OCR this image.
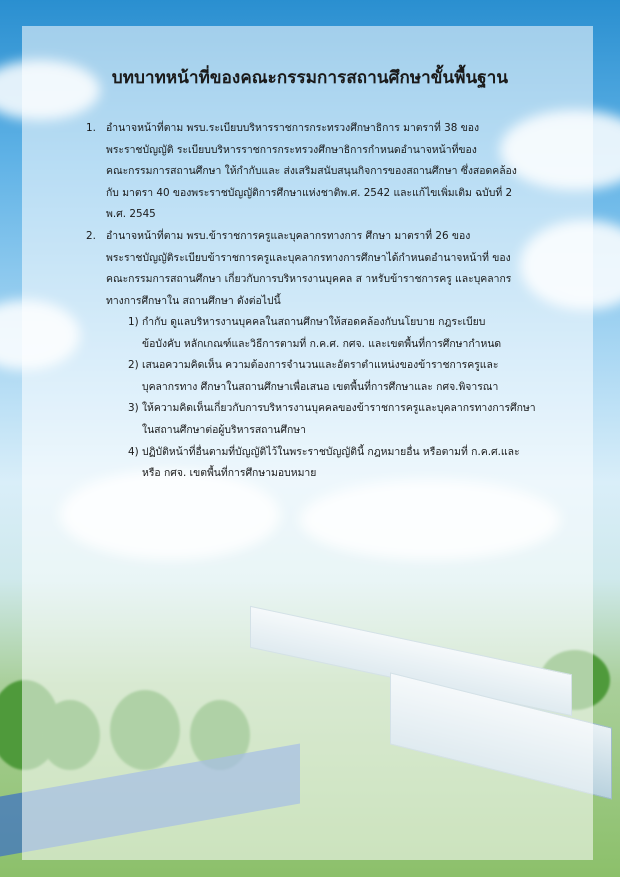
บทบาทหน้าที่ของคณะกรรมการสถานศึกษาขั้นพื้นฐาน
1. อำนาจหน้าที่ตาม พรบ.ระเบียบบริหารราชการกระทรวงศึกษาธิการ มาตราที่ 38 ของ
พระราชบัญญัติ ระเบียบบริหารราชการกระทรวงศึกษาธิการกำหนดอำนาจหน้าที่ของ
คณะกรรมการสถานศึกษา ให้กำกับและ ส่งเสริมสนับสนุนกิจการของสถานศึกษา ซึ่งสอดคล้อง
กับ มาตรา 40 ของพระราชบัญญัติการศึกษาแห่งชาติพ.ศ. 2542 และแก้ไขเพิ่มเติม ฉบับที่ 2
พ.ศ. 2545
2. อำนาจหน้าที่ตาม พรบ.ข้าราชการครูและบุคลากรทางการ ศึกษา มาตราที่ 26 ของ
พระราชบัญญัติระเบียบข้าราชการครูและบุคลากรทางการศึกษาได้กำหนดอำนาจหน้าที่ ของ
คณะกรรมการสถานศึกษา เกี่ยวกับการบริหารงานบุคคล ส าหรับข้าราชการครู และบุคลากร
ทางการศึกษาใน สถานศึกษา ดังต่อไปนี้
1) กำกับ ดูแลบริหารงานบุคคลในสถานศึกษาให้สอดคล้องกับนโยบาย กฎระเบียบ
ข้อบังคับ หลักเกณฑ์และวิธีการตามที่ ก.ค.ศ. กศจ. และเขตพื้นที่การศึกษากำหนด
2) เสนอความคิดเห็น ความต้องการจำนวนและอัตราตำแหน่งของข้าราชการครูและ
บุคลากรทาง ศึกษาในสถานศึกษาเพื่อเสนอ เขตพื้นที่การศึกษาและ กศจ.พิจารณา
3) ให้ความคิดเห็นเกี่ยวกับการบริหารงานบุคคลของข้าราชการครูและบุคลากรทางการศึกษา
ในสถานศึกษาต่อผู้บริหารสถานศึกษา
4) ปฏิบัติหน้าที่อื่นตามที่บัญญัติไว้ในพระราชบัญญัตินี้ กฎหมายอื่น หรือตามที่ ก.ค.ศ.และ
หรือ กศจ. เขตพื้นที่การศึกษามอบหมาย
